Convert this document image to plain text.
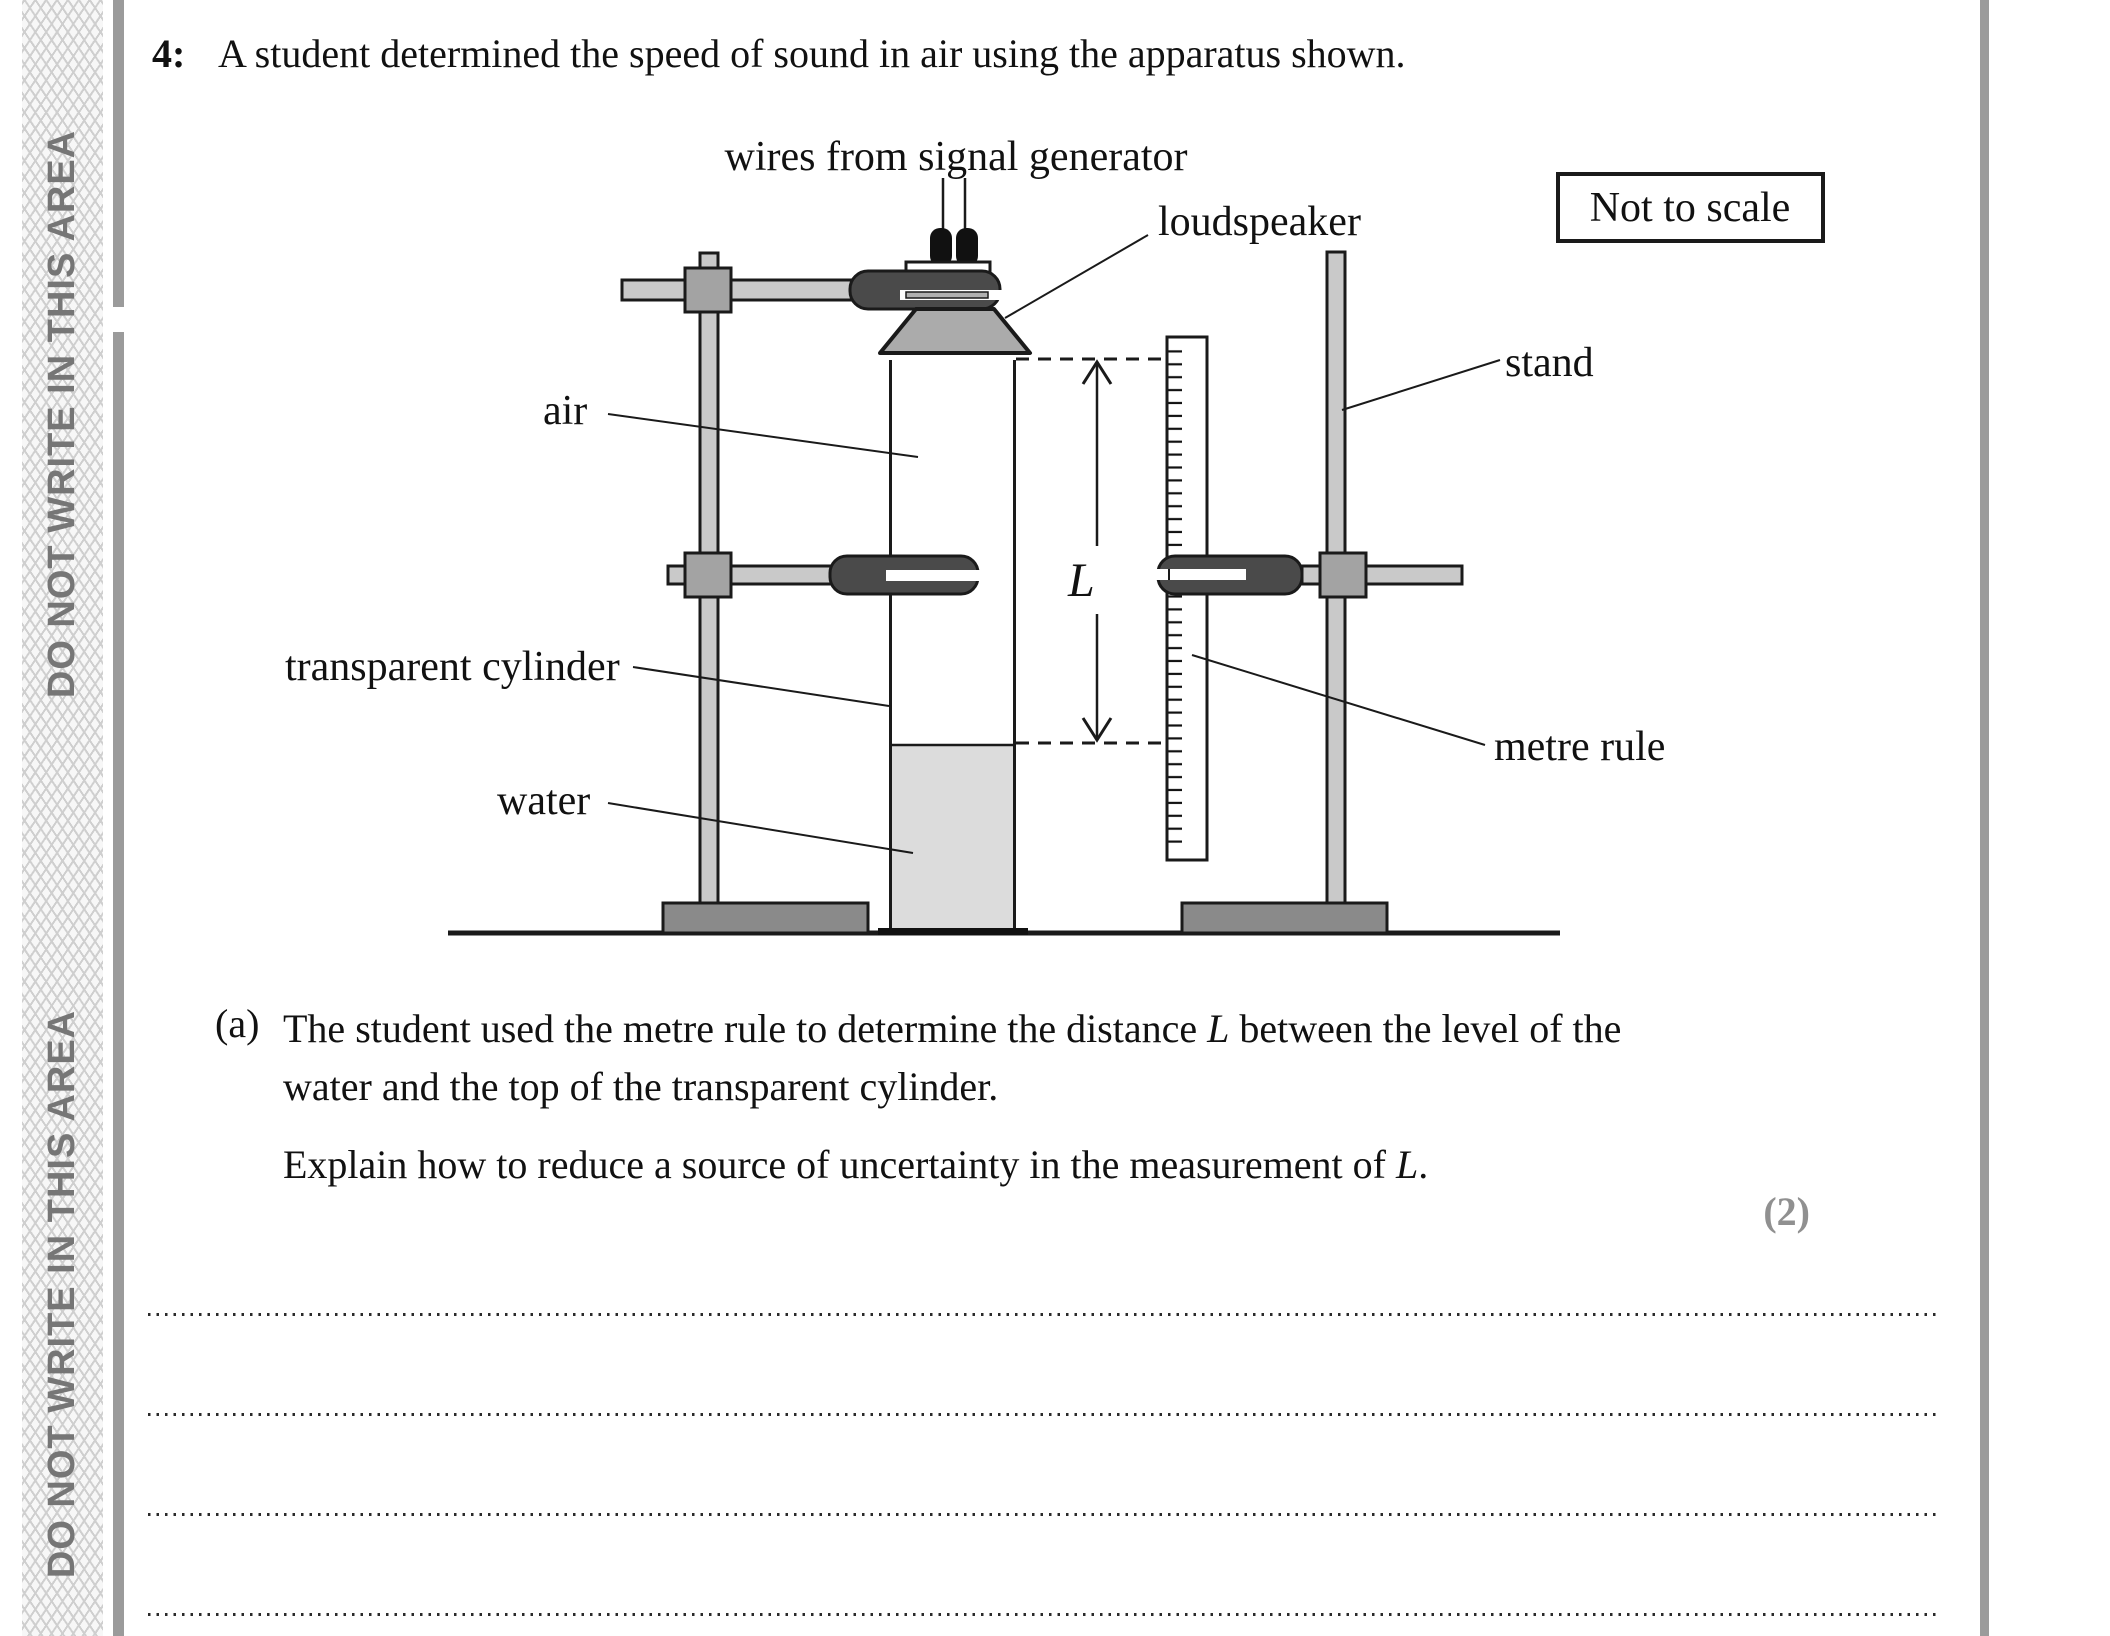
DO NOT WRITE IN THIS AREA
DO NOT WRITE IN THIS AREA
4: A student determined the speed of sound in air using the apparatus shown.
L
wires from signal generator
loudspeaker
stand
air
transparent cylinder
water
metre rule
Not to scale
(a) The student used the metre rule to determine the distance L between the level of the
water and the top of the transparent cylinder.
Explain how to reduce a source of uncertainty in the measurement of L.
(2)
